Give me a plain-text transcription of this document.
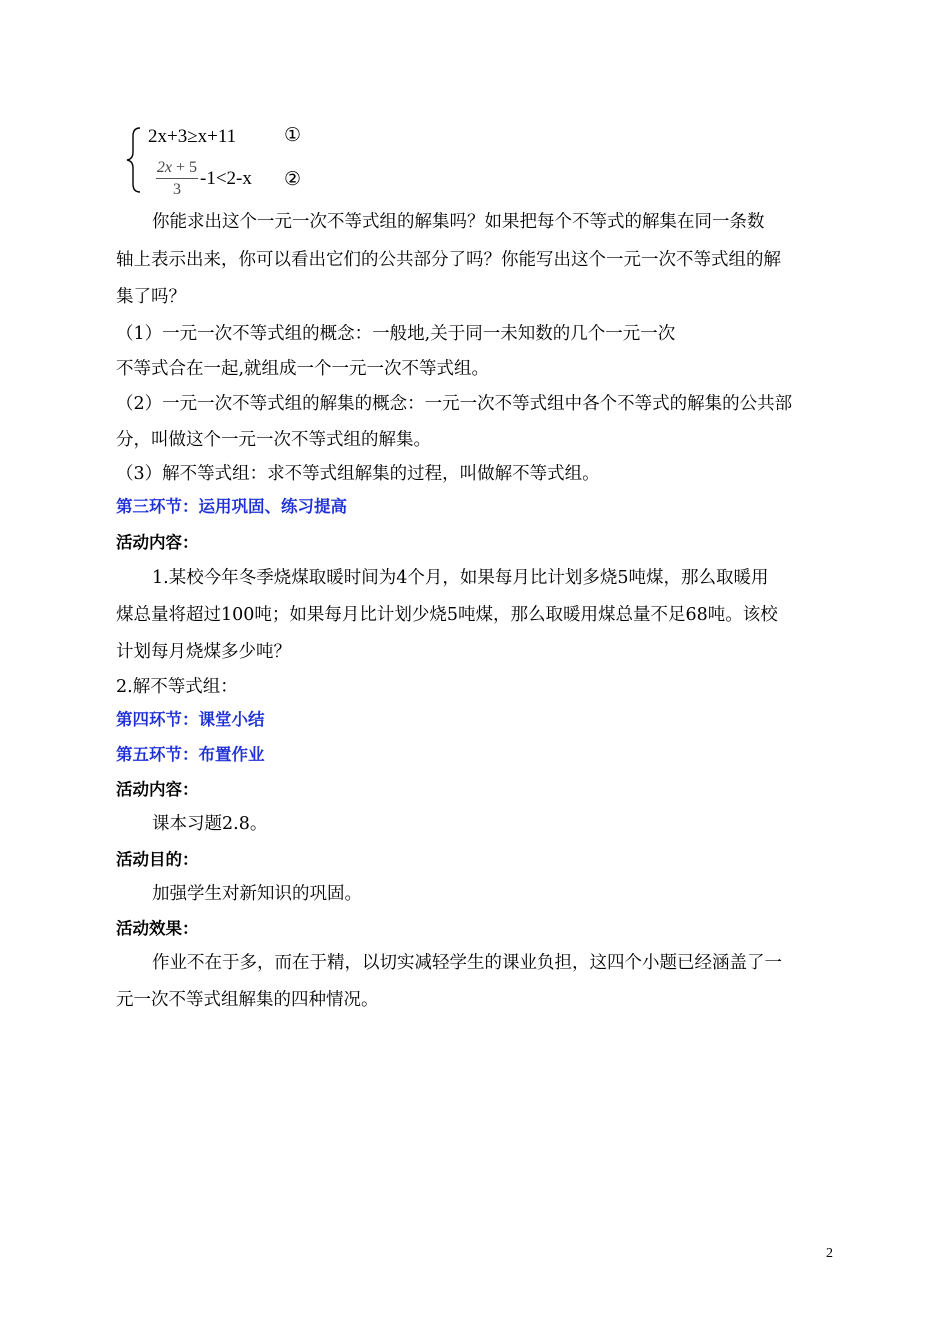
2x+3≥x+11
2x + 5
3
-1<2-x
①
②
你能求出这个一元一次不等式组的解集吗？如果把每个不等式的解集在同一条数
轴上表示出来，你可以看出它们的公共部分了吗？你能写出这个一元一次不等式组的解
集了吗？
（1）一元一次不等式组的概念：一般地,关于同一未知数的几个一元一次
不等式合在一起,就组成一个一元一次不等式组。
（2）一元一次不等式组的解集的概念：一元一次不等式组中各个不等式的解集的公共部
分，叫做这个一元一次不等式组的解集。
（3）解不等式组：求不等式组解集的过程，叫做解不等式组。
第三环节：运用巩固、练习提高
活动内容：
1.某校今年冬季烧煤取暖时间为4个月，如果每月比计划多烧5吨煤，那么取暖用
煤总量将超过100吨；如果每月比计划少烧5吨煤，那么取暖用煤总量不足68吨。该校
计划每月烧煤多少吨？
2.解不等式组：
第四环节：课堂小结
第五环节：布置作业
活动内容：
课本习题2.8。
活动目的：
加强学生对新知识的巩固。
活动效果：
作业不在于多，而在于精，以切实减轻学生的课业负担，这四个小题已经涵盖了一
元一次不等式组解集的四种情况。
2
